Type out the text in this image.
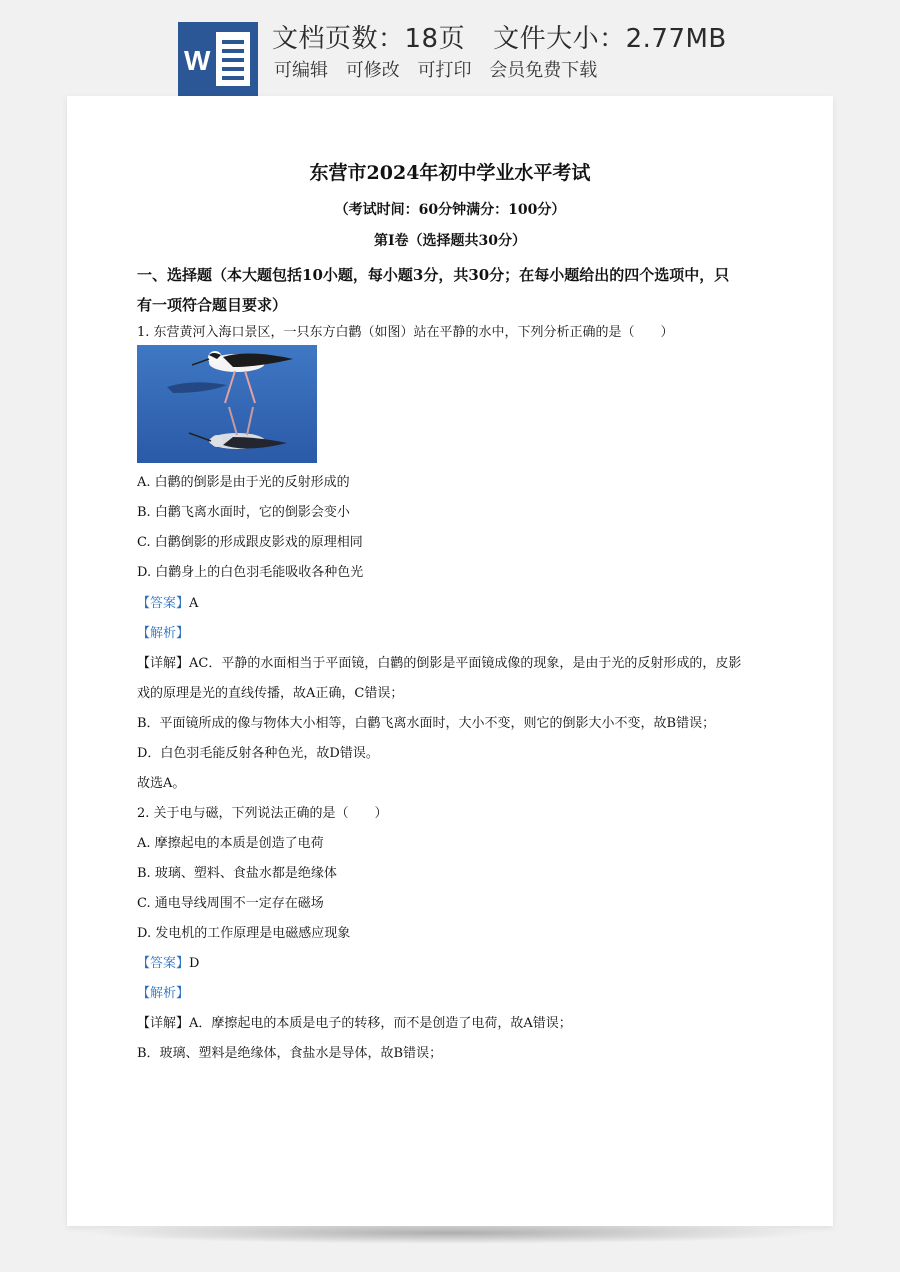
W
文档页数：18页 文件大小：2.77MB
可编辑 可修改 可打印 会员免费下载
东营市2024年初中学业水平考试
（考试时间：60分钟满分：100分）
第Ⅰ卷（选择题共30分）
一、选择题（本大题包括10小题，每小题3分，共30分；在每小题给出的四个选项中，只
有一项符合题目要求）
1. 东营黄河入海口景区，一只东方白鹳（如图）站在平静的水中，下列分析正确的是（　　）
A. 白鹳的倒影是由于光的反射形成的
B. 白鹳飞离水面时，它的倒影会变小
C. 白鹳倒影的形成跟皮影戏的原理相同
D. 白鹳身上的白色羽毛能吸收各种色光
【答案】A
【解析】
【详解】AC．平静的水面相当于平面镜，白鹳的倒影是平面镜成像的现象，是由于光的反射形成的，皮影
戏的原理是光的直线传播，故A正确，C错误；
B．平面镜所成的像与物体大小相等，白鹳飞离水面时，大小不变，则它的倒影大小不变，故B错误；
D．白色羽毛能反射各种色光，故D错误。
故选A。
2. 关于电与磁，下列说法正确的是（　　）
A. 摩擦起电的本质是创造了电荷
B. 玻璃、塑料、食盐水都是绝缘体
C. 通电导线周围不一定存在磁场
D. 发电机的工作原理是电磁感应现象
【答案】D
【解析】
【详解】A．摩擦起电的本质是电子的转移，而不是创造了电荷，故A错误；
B．玻璃、塑料是绝缘体，食盐水是导体，故B错误；
